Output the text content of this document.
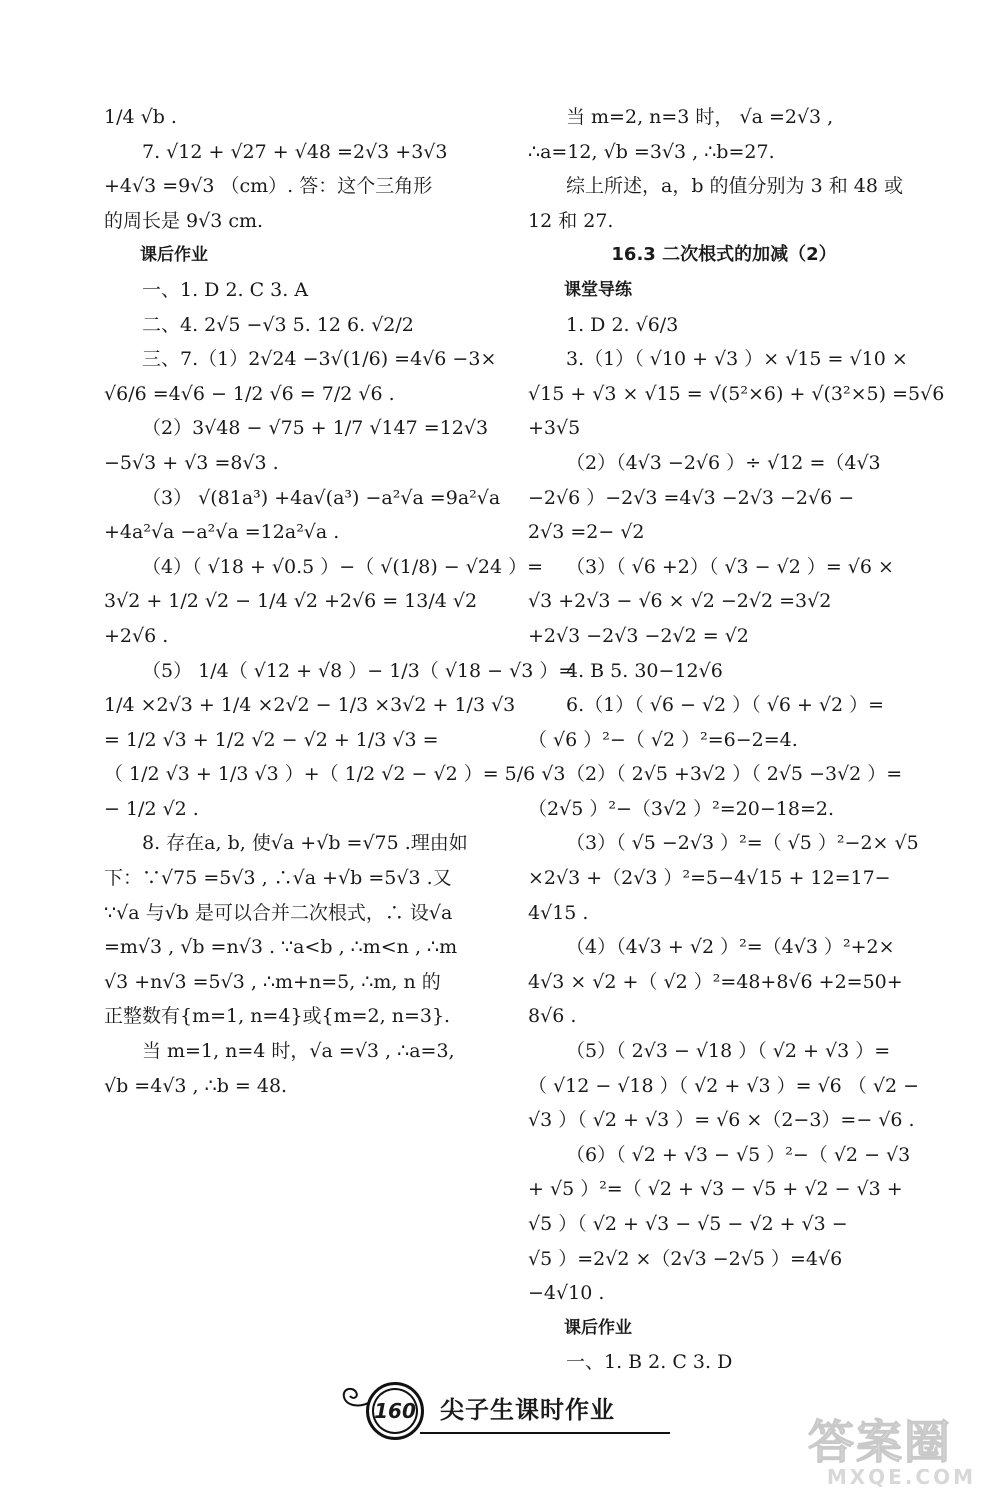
1/4 √b .
7. √12 + √27 + √48 =2√3 +3√3
+4√3 =9√3 （cm）. 答：这个三角形
的周长是 9√3 cm.
课后作业
一、1. D 2. C 3. A
二、4. 2√5 −√3 5. 12 6. √2/2
三、7.（1）2√24 −3√(1/6) =4√6 −3×
√6/6 =4√6 − 1/2 √6 = 7/2 √6 .
（2）3√48 − √75 + 1/7 √147 =12√3
−5√3 + √3 =8√3 .
（3） √(81a³) +4a√(a³) −a²√a =9a²√a
+4a²√a −a²√a =12a²√a .
（4）（ √18 + √0.5 ）−（ √(1/8) − √24 ）=
3√2 + 1/2 √2 − 1/4 √2 +2√6 = 13/4 √2
+2√6 .
（5） 1/4（ √12 + √8 ）− 1/3（ √18 − √3 ）=
1/4 ×2√3 + 1/4 ×2√2 − 1/3 ×3√2 + 1/3 √3
= 1/2 √3 + 1/2 √2 − √2 + 1/3 √3 =
（ 1/2 √3 + 1/3 √3 ）+（ 1/2 √2 − √2 ）= 5/6 √3
− 1/2 √2 .
8. 存在a, b, 使√a +√b =√75 .理由如
下：∵√75 =5√3 , ∴√a +√b =5√3 .又
∵√a 与√b 是可以合并二次根式，∴ 设√a
=m√3 , √b =n√3 . ∵a<b , ∴m<n , ∴m
√3 +n√3 =5√3 , ∴m+n=5, ∴m, n 的
正整数有{m=1, n=4}或{m=2, n=3}.
当 m=1, n=4 时，√a =√3 , ∴a=3,
√b =4√3 , ∴b = 48.
当 m=2, n=3 时， √a =2√3 ,
∴a=12, √b =3√3 , ∴b=27.
综上所述，a，b 的值分别为 3 和 48 或
12 和 27.
16.3 二次根式的加减（2）
课堂导练
1. D 2. √6/3
3.（1）（ √10 + √3 ）× √15 = √10 ×
√15 + √3 × √15 = √(5²×6) + √(3²×5) =5√6
+3√5
（2）（4√3 −2√6 ）÷ √12 =（4√3
−2√6 ）−2√3 =4√3 −2√3 −2√6 −
2√3 =2− √2
（3）（ √6 +2）（ √3 − √2 ）= √6 ×
√3 +2√3 − √6 × √2 −2√2 =3√2
+2√3 −2√3 −2√2 = √2
4. B 5. 30−12√6
6.（1）（ √6 − √2 ）（ √6 + √2 ）=
（ √6 ）²−（ √2 ）²=6−2=4.
（2）（ 2√5 +3√2 ）（ 2√5 −3√2 ）=
（2√5 ）²−（3√2 ）²=20−18=2.
（3）（ √5 −2√3 ）²=（ √5 ）²−2× √5
×2√3 +（2√3 ）²=5−4√15 + 12=17−
4√15 .
（4）（4√3 + √2 ）²=（4√3 ）²+2×
4√3 × √2 +（ √2 ）²=48+8√6 +2=50+
8√6 .
（5）（ 2√3 − √18 ）（ √2 + √3 ）=
（ √12 − √18 ）（ √2 + √3 ）= √6 （ √2 −
√3 ）（ √2 + √3 ）= √6 ×（2−3）=− √6 .
（6）（ √2 + √3 − √5 ）²−（ √2 − √3
+ √5 ）²=（ √2 + √3 − √5 + √2 − √3 +
√5 ）（ √2 + √3 − √5 − √2 + √3 −
√5 ）=2√2 ×（2√3 −2√5 ）=4√6
−4√10 .
课后作业
一、1. B 2. C 3. D
160 尖子生课时作业
答案圈
MXQE.COM
